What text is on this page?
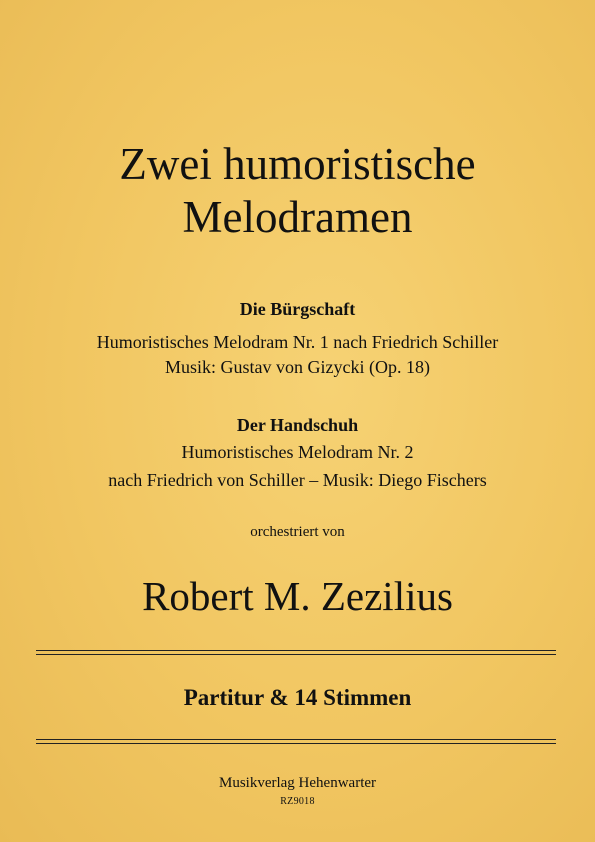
Zwei humoristische
Melodramen
Die Bürgschaft
Humoristisches Melodram Nr. 1 nach Friedrich Schiller
Musik: Gustav von Gizycki (Op. 18)
Der Handschuh
Humoristisches Melodram Nr. 2
nach Friedrich von Schiller – Musik: Diego Fischers
orchestriert von
Robert M. Zezilius
Partitur & 14 Stimmen
Musikverlag Hehenwarter
RZ9018
